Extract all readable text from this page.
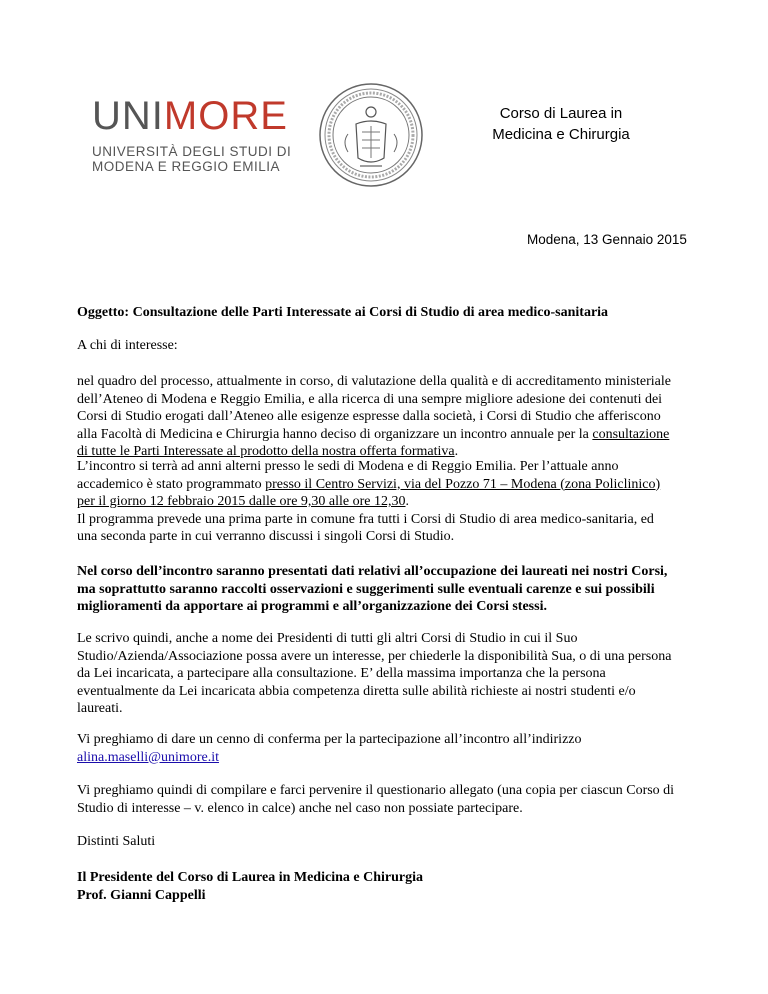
UNIMORE
UNIVERSITÀ DEGLI STUDI DI
MODENA E REGGIO EMILIA
Corso di Laurea in
Medicina e Chirurgia
Modena, 13 Gennaio 2015
Oggetto: Consultazione delle Parti Interessate ai Corsi di Studio di area medico-sanitaria
A chi di interesse:
nel quadro del processo, attualmente in corso, di valutazione della qualità e di accreditamento ministeriale dell’Ateneo di Modena e Reggio Emilia, e alla ricerca di una sempre migliore adesione dei contenuti dei Corsi di Studio erogati dall’Ateneo alle esigenze espresse dalla società, i Corsi di Studio che afferiscono alla Facoltà di Medicina e Chirurgia hanno deciso di organizzare un incontro annuale per la consultazione di tutte le Parti Interessate al prodotto della nostra offerta formativa.
L’incontro si terrà ad anni alterni presso le sedi di Modena e di Reggio Emilia. Per l’attuale anno accademico è stato programmato presso il Centro Servizi, via del Pozzo 71 – Modena (zona Policlinico) per il giorno 12 febbraio 2015 dalle ore 9,30 alle ore 12,30.
Il programma prevede una prima parte in comune fra tutti i Corsi di Studio di area medico-sanitaria, ed una seconda parte in cui verranno discussi i singoli Corsi di Studio.
Nel corso dell’incontro saranno presentati dati relativi all’occupazione dei laureati nei nostri Corsi, ma soprattutto saranno raccolti osservazioni e suggerimenti sulle eventuali carenze e sui possibili miglioramenti da apportare ai programmi e all’organizzazione dei Corsi stessi.
Le scrivo quindi, anche a nome dei Presidenti di tutti gli altri Corsi di Studio in cui il Suo Studio/Azienda/Associazione possa avere un interesse, per chiederle la disponibilità Sua, o di una persona da Lei incaricata, a partecipare alla consultazione. E’ della massima importanza che la persona eventualmente da Lei incaricata abbia competenza diretta sulle abilità richieste ai nostri studenti e/o laureati.
Vi preghiamo di dare un cenno di conferma per la partecipazione all’incontro all’indirizzo
alina.maselli@unimore.it
Vi preghiamo quindi di compilare e farci pervenire il questionario allegato (una copia per ciascun Corso di Studio di interesse – v. elenco in calce) anche nel caso non possiate partecipare.
Distinti Saluti
Il Presidente del Corso di Laurea in Medicina e Chirurgia
Prof. Gianni Cappelli
